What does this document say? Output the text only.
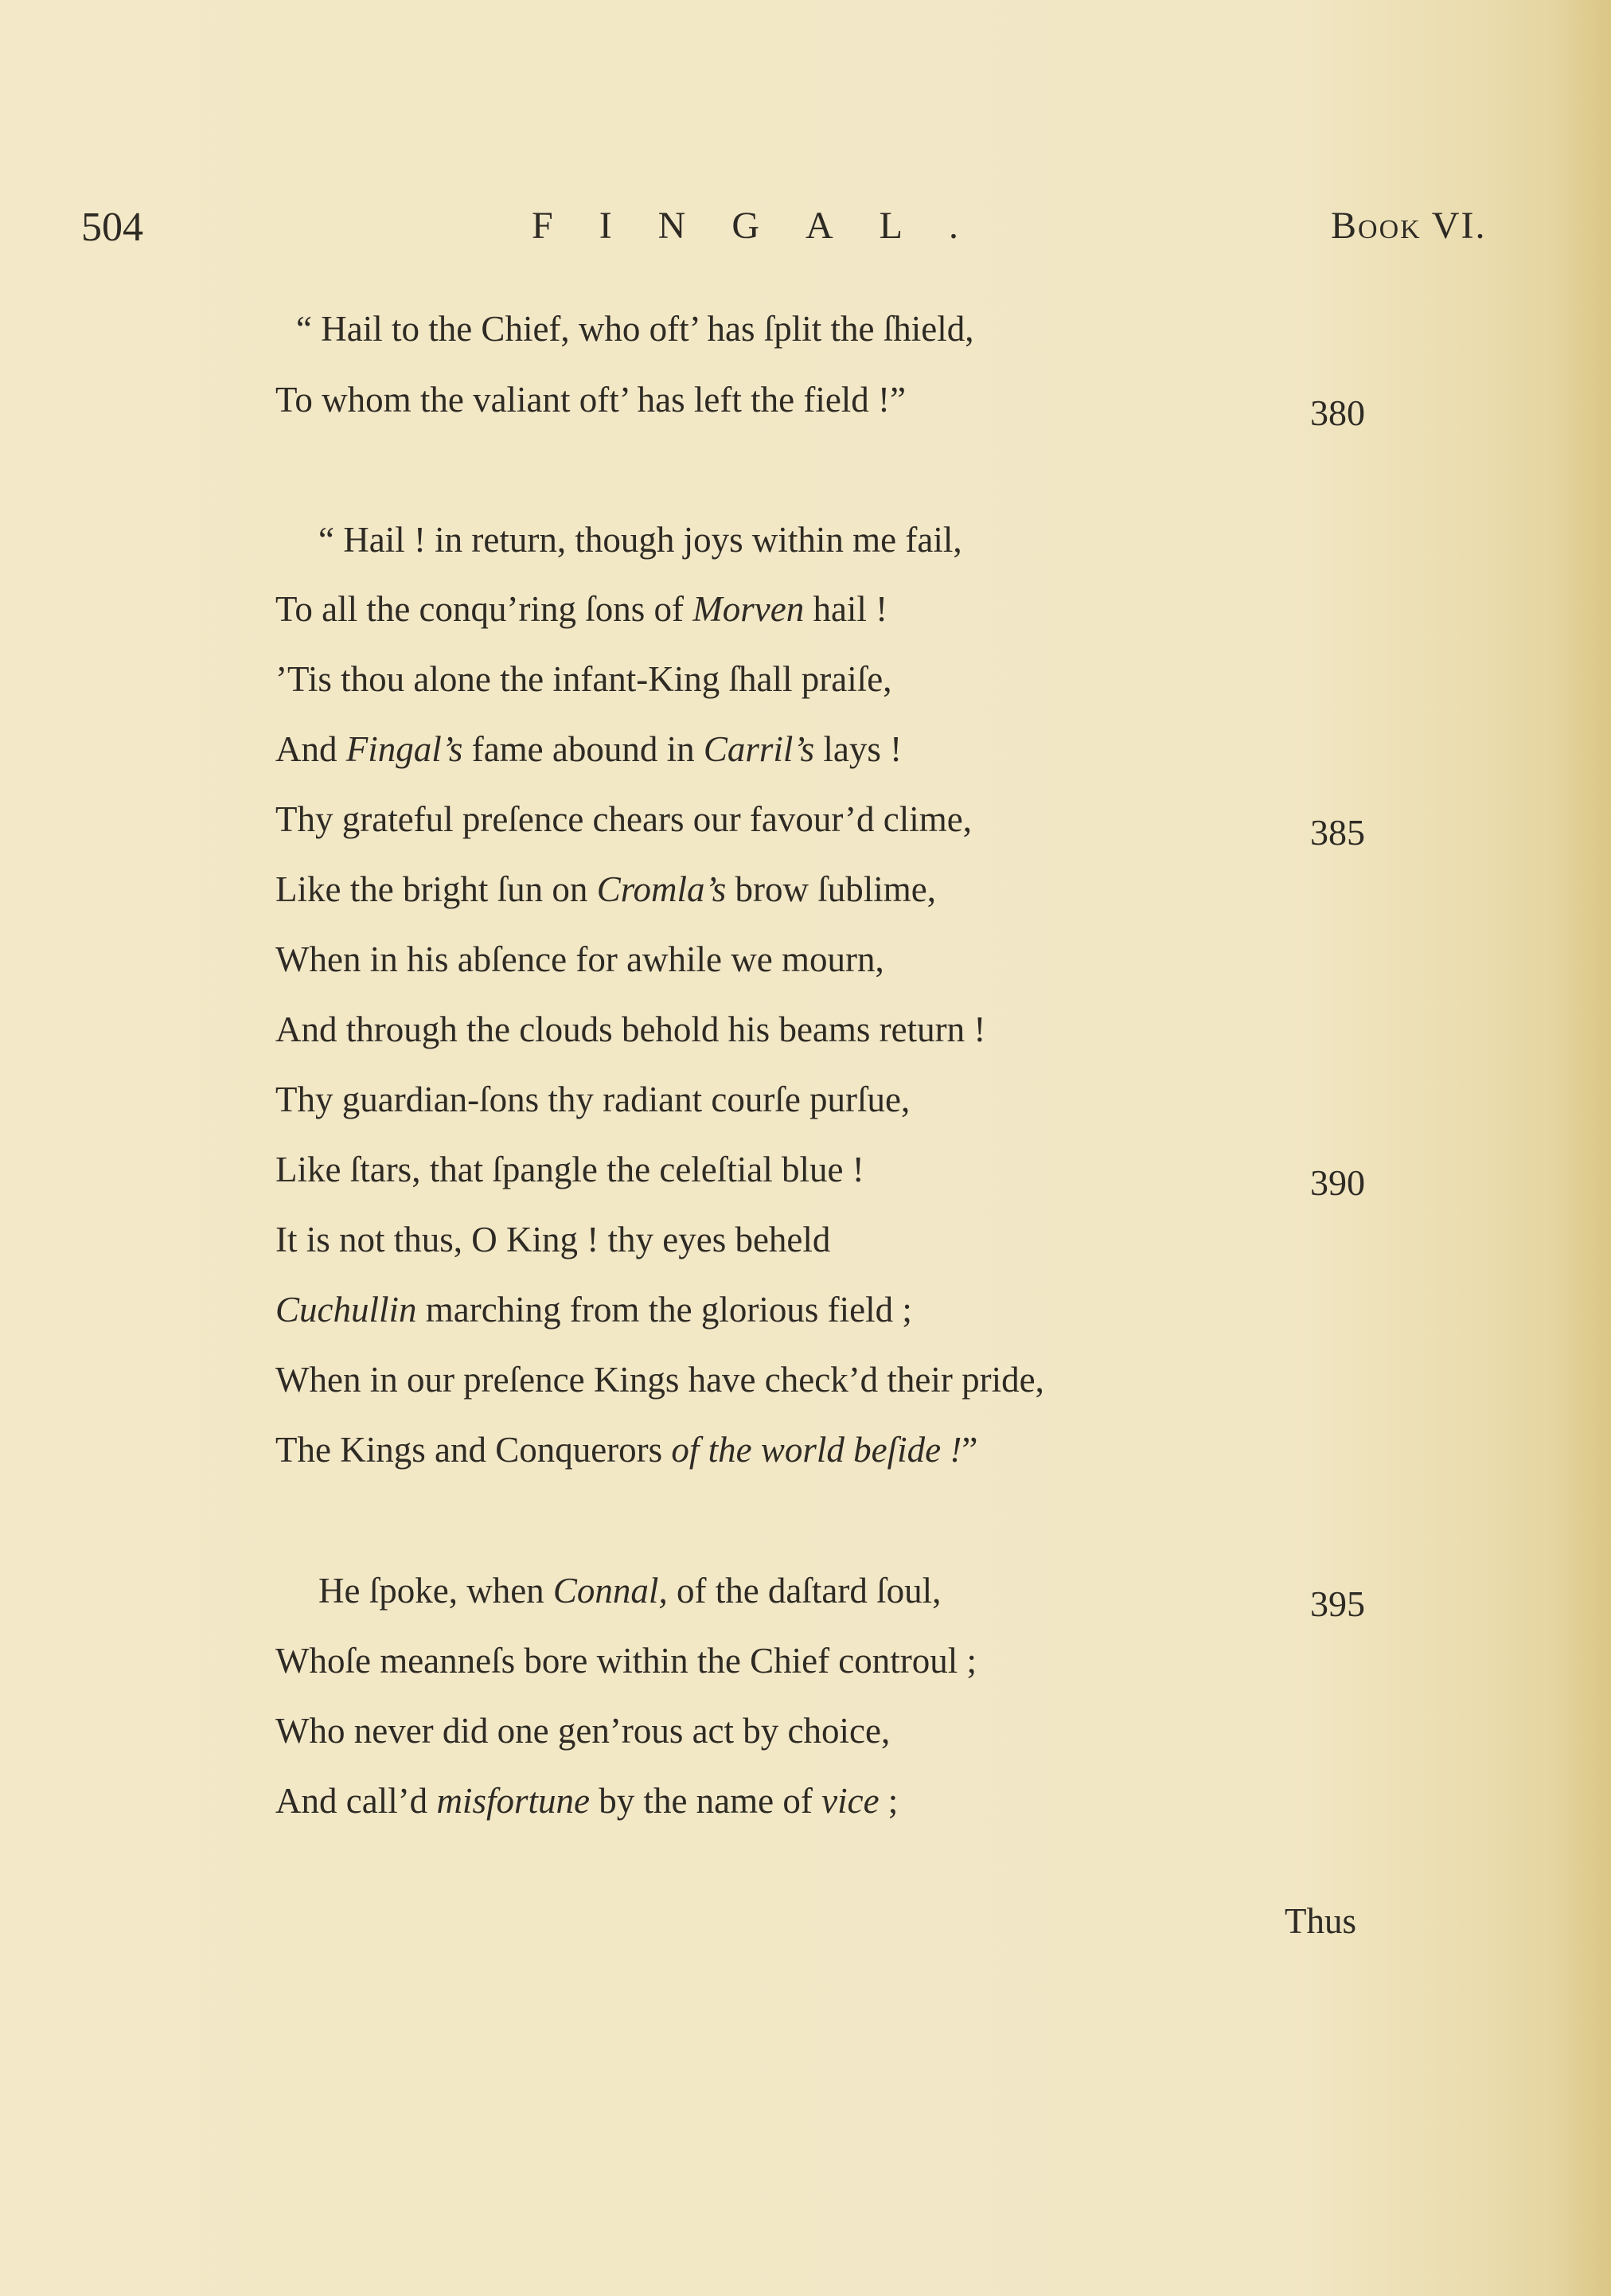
504	FINGAL.	Book VI.
“ Hail to the Chief, who oft’ has ſplit the ſhield,
To whom the valiant oft’ has left the field !”	380
“ Hail ! in return, though joys within me fail,
To all the conqu’ring ſons of Morven hail !
’Tis thou alone the infant-King ſhall praiſe,
And Fingal’s fame abound in Carril’s lays !
Thy grateful preſence chears our favour’d clime,	385
Like the bright ſun on Cromla’s brow ſublime,
When in his abſence for awhile we mourn,
And through the clouds behold his beams return !
Thy guardian-ſons thy radiant courſe purſue,
Like ſtars, that ſpangle the celeſtial blue !	390
It is not thus, O King ! thy eyes beheld
Cuchullin marching from the glorious field ;
When in our preſence Kings have check’d their pride,
The Kings and Conquerors of the world beſide !”
He ſpoke, when Connal, of the daſtard ſoul,	395
Whoſe meanneſs bore within the Chief controul ;
Who never did one gen’rous act by choice,
And call’d misfortune by the name of vice ;
Thus
